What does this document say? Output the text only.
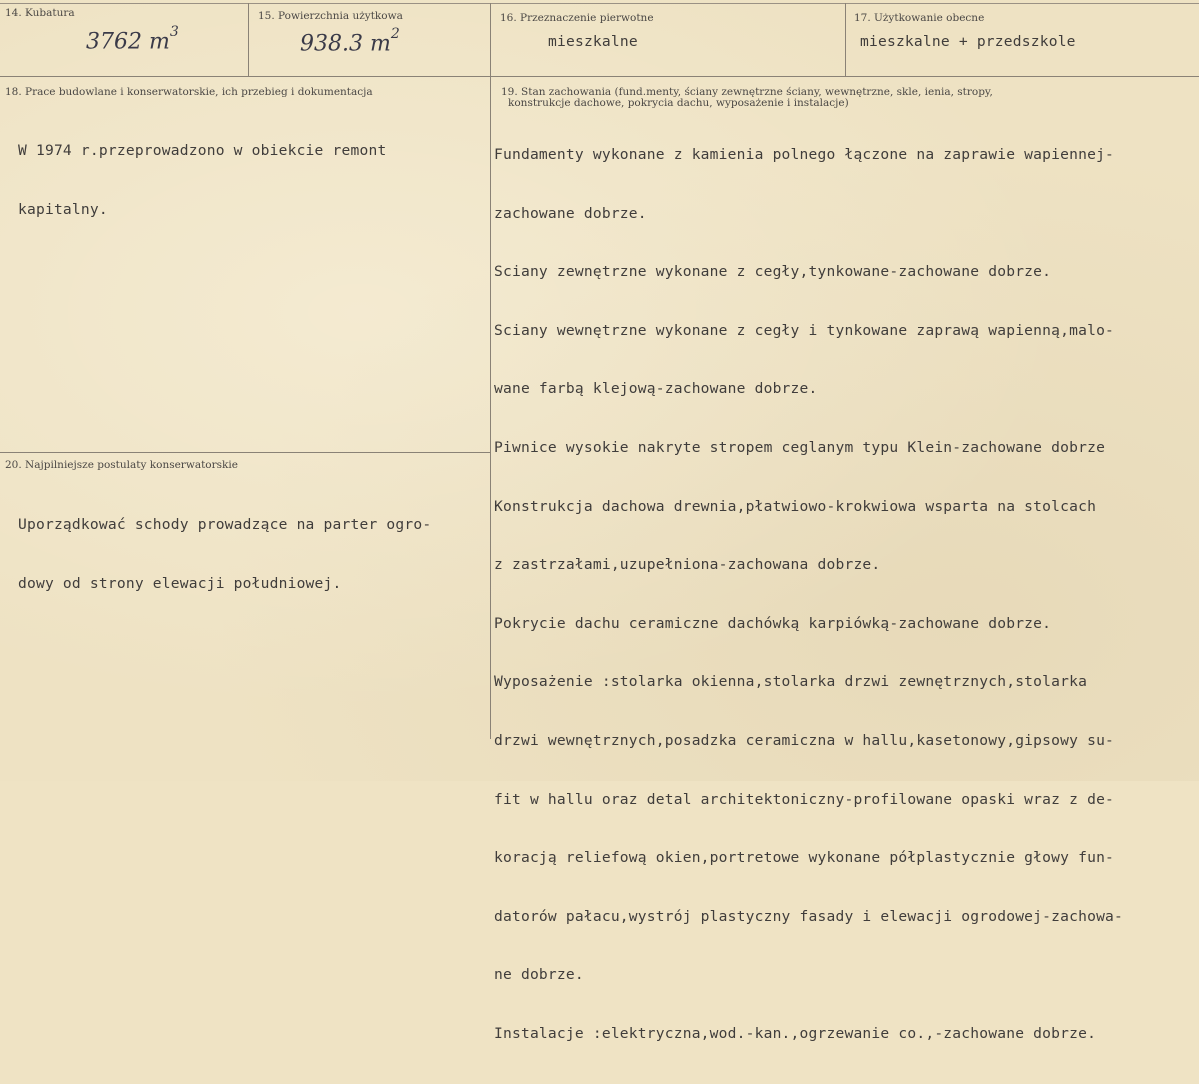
14. Kubatura
3762 $m^3$
15. Powierzchnia użytkowa
938.3 $m^2$
16. Przeznaczenie pierwotne
mieszkalne
17. Użytkowanie obecne
mieszkalne + przedszkole
18. Prace budowlane i konserwatorskie, ich przebieg i dokumentacja

W 1974 r.przeprowadzono w obiekcie remont

kapitalny.

19. Stan zachowania (fund.menty, ściany zewnętrzne ściany, wewnętrzne, skle, ienia, stropy,
konstrukcje dachowe, pokrycia dachu, wyposażenie i instalacje)

Fundamenty wykonane z kamienia polnego łączone na zaprawie wapiennej-

zachowane dobrze.

Sciany zewnętrzne wykonane z cegły,tynkowane-zachowane dobrze.

Sciany wewnętrzne wykonane z cegły i tynkowane zaprawą wapienną,malo-

wane farbą klejową-zachowane dobrze.

Piwnice wysokie nakryte stropem ceglanym typu Klein-zachowane dobrze

Konstrukcja dachowa drewnia,płatwiowo-krokwiowa wsparta na stolcach

z zastrzałami,uzupełniona-zachowana dobrze.

Pokrycie dachu ceramiczne dachówką karpiówką-zachowane dobrze.

Wyposażenie :stolarka okienna,stolarka drzwi zewnętrznych,stolarka

drzwi wewnętrznych,posadzka ceramiczna w hallu,kasetonowy,gipsowy su-

fit w hallu oraz detal architektoniczny-profilowane opaski wraz z de-

koracją reliefową okien,portretowe wykonane półplastycznie głowy fun-

datorów pałacu,wystrój plastyczny fasady i elewacji ogrodowej-zachowa-

ne dobrze.

Instalacje :elektryczna,wod.-kan.,ogrzewanie co.,-zachowane dobrze.

20. Najpilniejsze postulaty konserwatorskie

Uporządkować schody prowadzące na parter ogro-

dowy od strony elewacji południowej.
